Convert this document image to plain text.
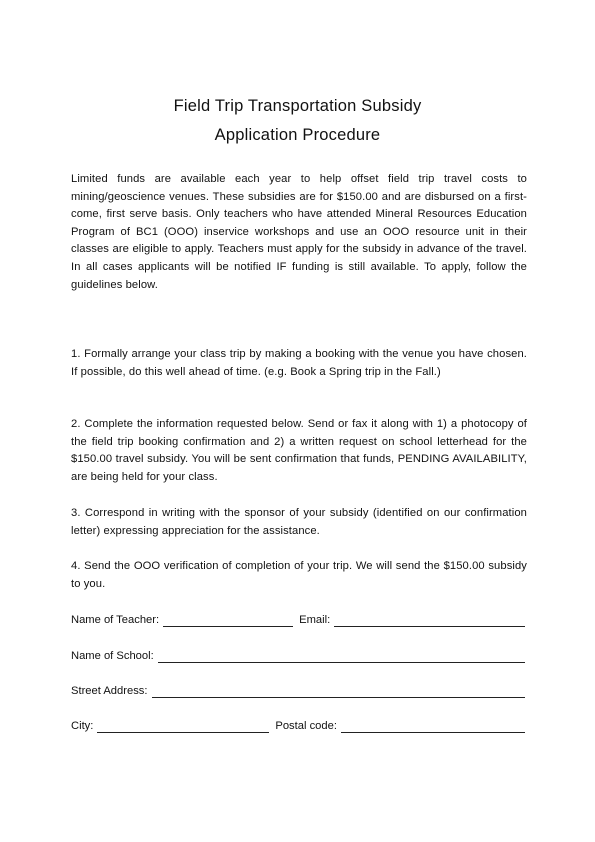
Field Trip Transportation Subsidy
Application Procedure
Limited funds are available each year to help offset field trip travel costs to mining/geoscience venues. These subsidies are for $150.00 and are disbursed on a first-come, first serve basis. Only teachers who have attended Mineral Resources Education Program of BC1 (OOO) inservice workshops and use an OOO resource unit in their classes are eligible to apply. Teachers must apply for the subsidy in advance of the travel. In all cases applicants will be notified IF funding is still available. To apply, follow the guidelines below.
1. Formally arrange your class trip by making a booking with the venue you have chosen. If possible, do this well ahead of time. (e.g. Book a Spring trip in the Fall.)
2. Complete the information requested below. Send or fax it along with 1) a photocopy of the field trip booking confirmation and 2) a written request on school letterhead for the $150.00 travel subsidy. You will be sent confirmation that funds, PENDING AVAILABILITY, are being held for your class.
3. Correspond in writing with the sponsor of your subsidy (identified on our confirmation letter) expressing appreciation for the assistance.
4. Send the OOO verification of completion of your trip. We will send the $150.00 subsidy to you.
Name of Teacher:	Email:
Name of School:
Street Address:
City:	Postal code:
